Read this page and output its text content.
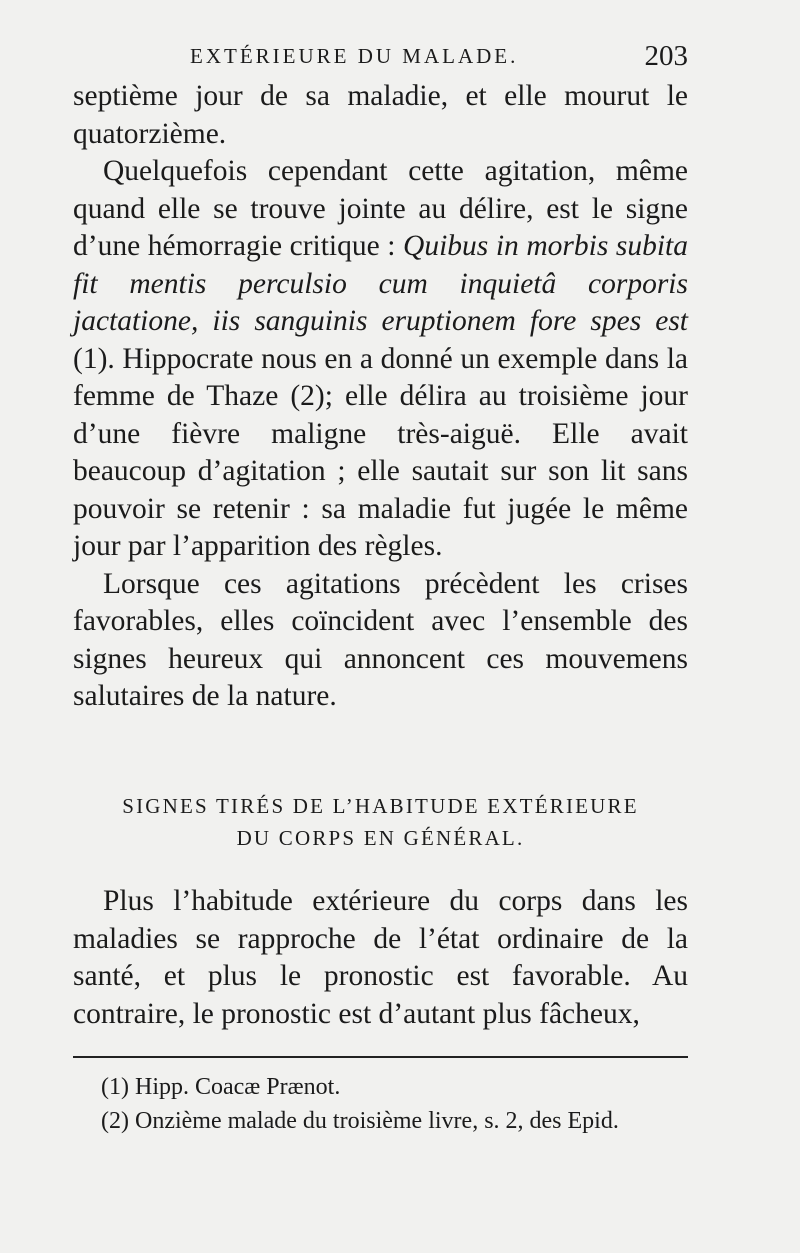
EXTÉRIEURE DU MALADE.	203

septième jour de sa maladie, et elle mourut le quatorzième.

Quelquefois cependant cette agitation, même quand elle se trouve jointe au délire, est le signe d’une hémorragie critique : Quibus in morbis subita fit mentis perculsio cum inquietâ corporis jactatione, iis sanguinis eruptionem fore spes est (1). Hippocrate nous en a donné un exemple dans la femme de Thaze (2); elle délira au troisième jour d’une fièvre maligne très-aiguë. Elle avait beaucoup d’agitation ; elle sautait sur son lit sans pouvoir se retenir : sa maladie fut jugée le même jour par l’apparition des règles.

Lorsque ces agitations précèdent les crises favorables, elles coïncident avec l’ensemble des signes heureux qui annoncent ces mouvemens salutaires de la nature.

SIGNES TIRÉS DE L’HABITUDE EXTÉRIEURE
DU CORPS EN GÉNÉRAL.
Plus l’habitude extérieure du corps dans les maladies se rapproche de l’état ordinaire de la santé, et plus le pronostic est favorable. Au contraire, le pronostic est d’autant plus fâcheux,

(1) Hipp. Coacæ Prænot.

(2) Onzième malade du troisième livre, s. 2, des Epid.
